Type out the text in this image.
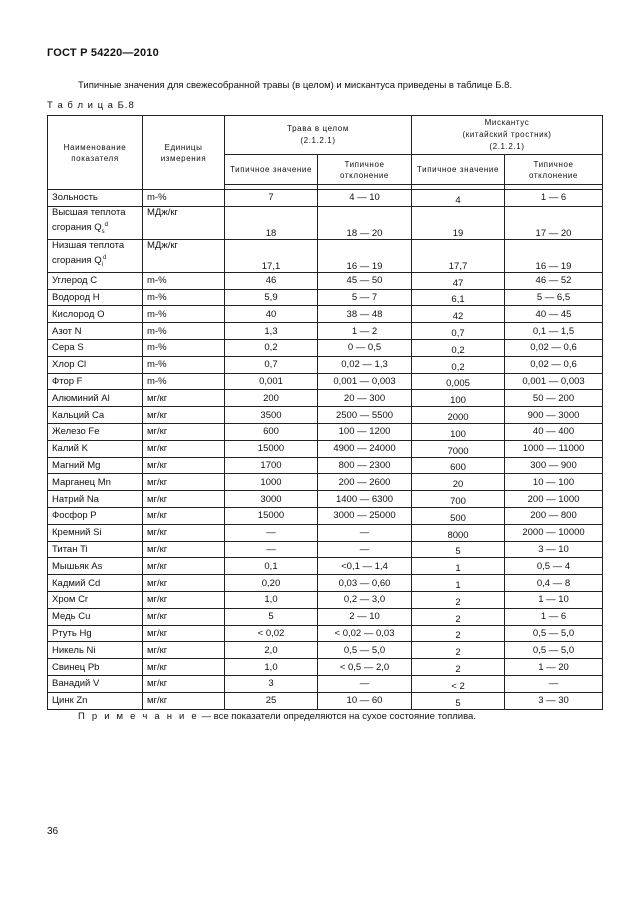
ГОСТ Р 54220—2010
Типичные значения для свежесобранной травы (в целом) и мискантуса приведены в таблице Б.8.
Т а б л и ц а Б.8
Наименование показателя	Единицы измерения	Трава в целом
(2.1.2.1)		Мискантус
(китайский тростник)
(2.1.2.1)	

		Типичное значение	Типичное отклонение	Типичное значение	Типичное отклонение

Зольность	m-%	7	4 — 10	4	1 — 6

Высшая теплота
сгорания $Q_s^d$	МДж/кг	18	18 — 20	19	17 — 20

Низшая теплота
сгорания $Q_i^d$	МДж/кг	17,1	16 — 19	17,7	16 — 19
Углерод C	m-%	46	45 — 50	47	46 — 52
Водород H	m-%	5,9	5 — 7	6,1	5 — 6,5
Кислород O	m-%	40	38 — 48	42	40 — 45
Азот N	m-%	1,3	1 — 2	0,7	0,1 — 1,5
Сера S	m-%	0,2	0 — 0,5	0,2	0,02 — 0,6
Хлор Cl	m-%	0,7	0,02 — 1,3	0,2	0,02 — 0,6
Фтор F	m-%	0,001	0,001 — 0,003	0,005	0,001 — 0,003
Алюминий Al	мг/кг	200	20 — 300	100	50 — 200
Кальций Ca	мг/кг	3500	2500 — 5500	2000	900 — 3000
Железо Fe	мг/кг	600	100 — 1200	100	40 — 400
Калий K	мг/кг	15000	4900 — 24000	7000	1000 — 11000
Магний Mg	мг/кг	1700	800 — 2300	600	300 — 900
Марганец Mn	мг/кг	1000	200 — 2600	20	10 — 100
Натрий Na	мг/кг	3000	1400 — 6300	700	200 — 1000
Фосфор P	мг/кг	15000	3000 — 25000	500	200 — 800
Кремний Si	мг/кг	—	—	8000	2000 — 10000
Титан Ti	мг/кг	—	—	5	3 — 10
Мышьяк As	мг/кг	0,1	<0,1 — 1,4	1	0,5 — 4
Кадмий Cd	мг/кг	0,20	0,03 — 0,60	1	0,4 — 8
Хром Cr	мг/кг	1,0	0,2 — 3,0	2	1 — 10
Медь Cu	мг/кг	5	2 — 10	2	1 — 6
Ртуть Hg	мг/кг	< 0,02	< 0,02 — 0,03	2	0,5 — 5,0
Никель Ni	мг/кг	2,0	0,5 — 5,0	2	0,5 — 5,0
Свинец Pb	мг/кг	1,0	< 0,5 — 2,0	2	1 — 20
Ванадий V	мг/кг	3	—	< 2	—
Цинк Zn	мг/кг	25	10 — 60	5	3 — 30
П р и м е ч а н и е — все показатели определяются на сухое состояние топлива.
36
